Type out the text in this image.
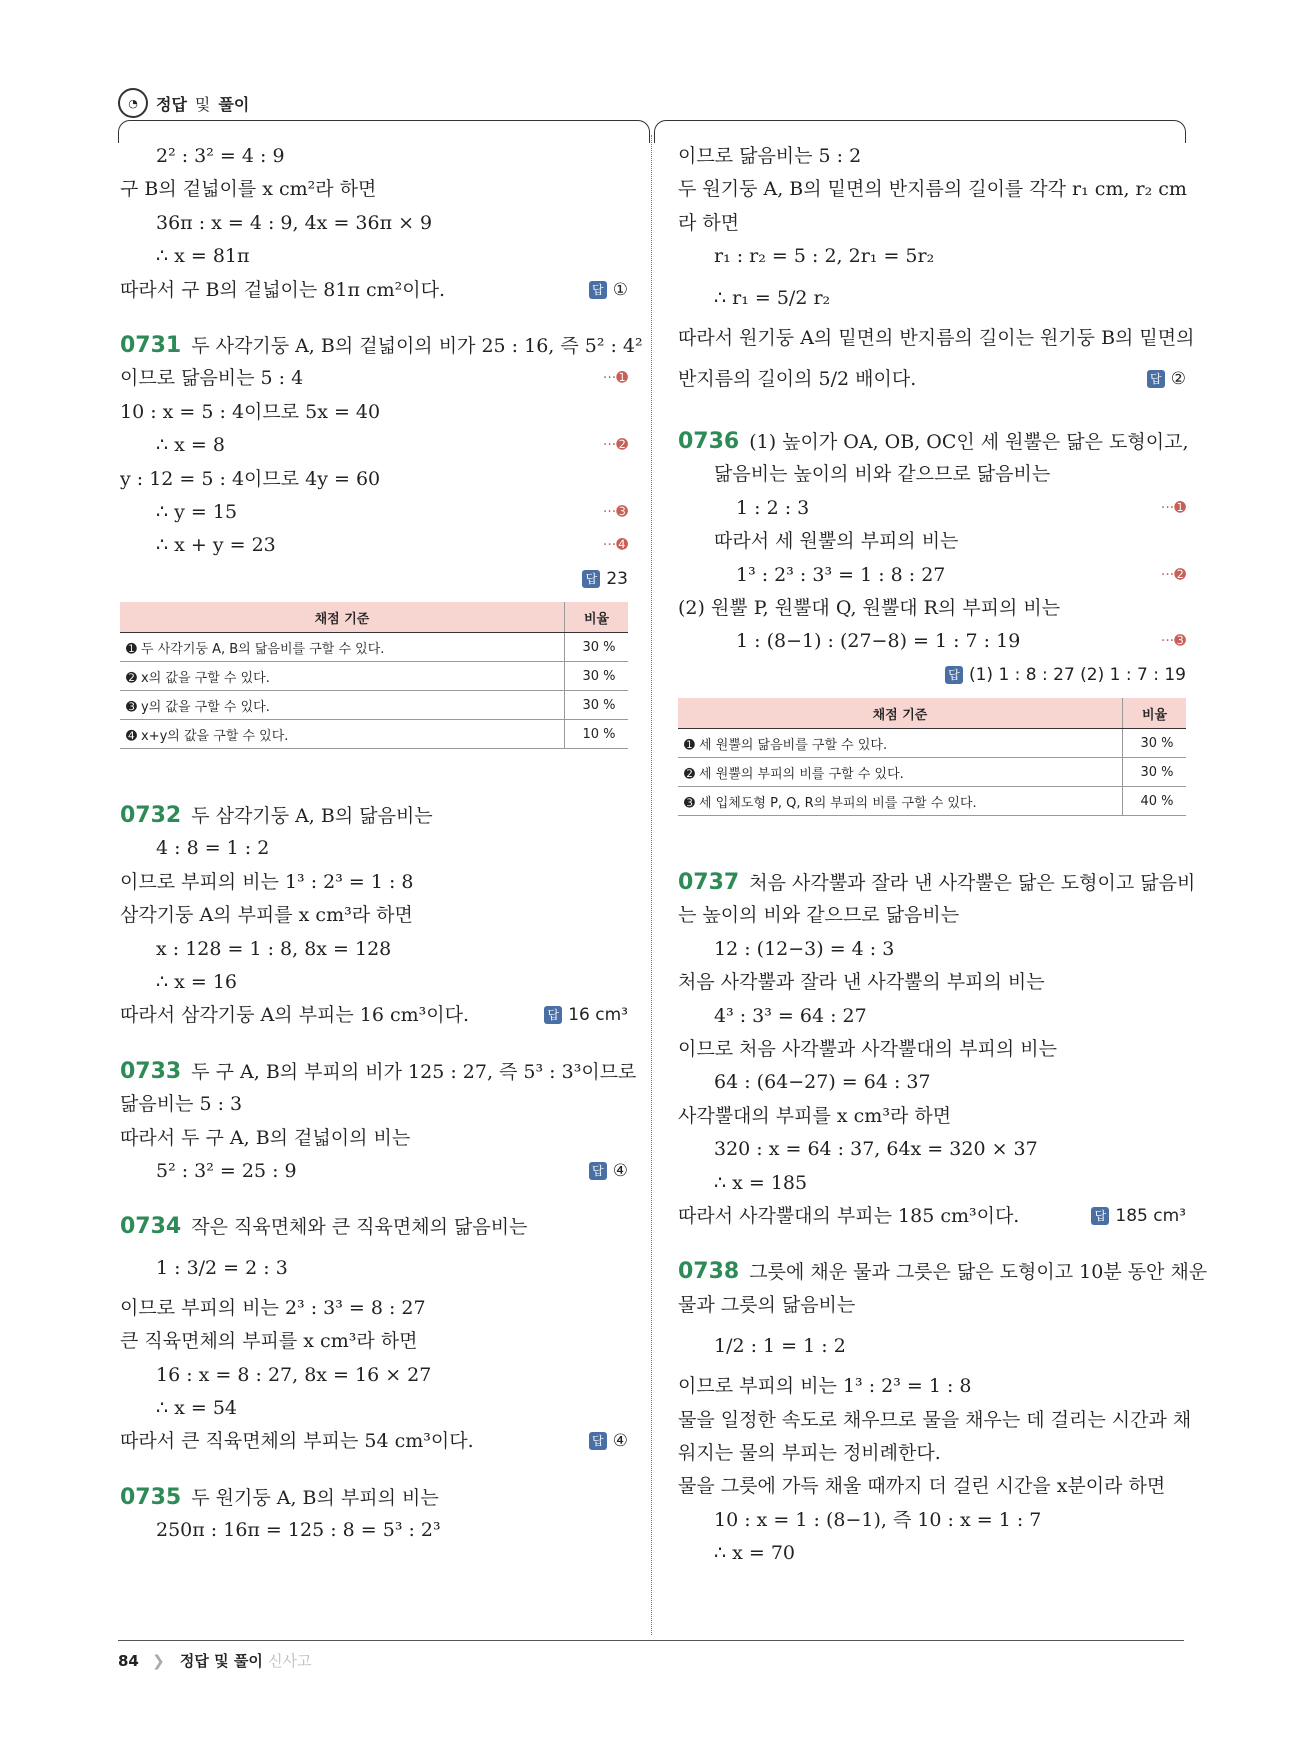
◔	정답 및 풀이
2² : 3² = 4 : 9
구 B의 겉넓이를 x cm²라 하면
36π : x = 4 : 9, 4x = 36π × 9
∴ x = 81π
따라서 구 B의 겉넓이는 81π cm²이다.	답 ①
0731 두 사각기둥 A, B의 겉넓이의 비가 25 : 16, 즉 5² : 4²
이므로 닮음비는 5 : 4	···➊
10 : x = 5 : 4이므로 5x = 40
∴ x = 8	···➋
y : 12 = 5 : 4이므로 4y = 60
∴ y = 15	···➌
∴ x + y = 23	···➍
답 23
채점 기준	비율
➊ 두 사각기둥 A, B의 닮음비를 구할 수 있다.	30 %
➋ x의 값을 구할 수 있다.	30 %
➌ y의 값을 구할 수 있다.	30 %
➍ x+y의 값을 구할 수 있다.	10 %
0732 두 삼각기둥 A, B의 닮음비는
4 : 8 = 1 : 2
이므로 부피의 비는 1³ : 2³ = 1 : 8
삼각기둥 A의 부피를 x cm³라 하면
x : 128 = 1 : 8, 8x = 128
∴ x = 16
따라서 삼각기둥 A의 부피는 16 cm³이다.	답 16 cm³
0733 두 구 A, B의 부피의 비가 125 : 27, 즉 5³ : 3³이므로
닮음비는 5 : 3
따라서 두 구 A, B의 겉넓이의 비는
5² : 3² = 25 : 9	답 ④
0734 작은 직육면체와 큰 직육면체의 닮음비는
1 : 3/2 = 2 : 3
이므로 부피의 비는 2³ : 3³ = 8 : 27
큰 직육면체의 부피를 x cm³라 하면
16 : x = 8 : 27, 8x = 16 × 27
∴ x = 54
따라서 큰 직육면체의 부피는 54 cm³이다.	답 ④
0735 두 원기둥 A, B의 부피의 비는
250π : 16π = 125 : 8 = 5³ : 2³
이므로 닮음비는 5 : 2
두 원기둥 A, B의 밑면의 반지름의 길이를 각각 r₁ cm, r₂ cm
라 하면
r₁ : r₂ = 5 : 2, 2r₁ = 5r₂
∴ r₁ = 5/2 r₂
따라서 원기둥 A의 밑면의 반지름의 길이는 원기둥 B의 밑면의
반지름의 길이의 5/2 배이다.	답 ②
0736 (1) 높이가 OA, OB, OC인 세 원뿔은 닮은 도형이고,
닮음비는 높이의 비와 같으므로 닮음비는
1 : 2 : 3	···➊
따라서 세 원뿔의 부피의 비는
1³ : 2³ : 3³ = 1 : 8 : 27	···➋
(2) 원뿔 P, 원뿔대 Q, 원뿔대 R의 부피의 비는
1 : (8−1) : (27−8) = 1 : 7 : 19	···➌
답 (1) 1 : 8 : 27 (2) 1 : 7 : 19
채점 기준	비율
➊ 세 원뿔의 닮음비를 구할 수 있다.	30 %
➋ 세 원뿔의 부피의 비를 구할 수 있다.	30 %
➌ 세 입체도형 P, Q, R의 부피의 비를 구할 수 있다.	40 %
0737 처음 사각뿔과 잘라 낸 사각뿔은 닮은 도형이고 닮음비
는 높이의 비와 같으므로 닮음비는
12 : (12−3) = 4 : 3
처음 사각뿔과 잘라 낸 사각뿔의 부피의 비는
4³ : 3³ = 64 : 27
이므로 처음 사각뿔과 사각뿔대의 부피의 비는
64 : (64−27) = 64 : 37
사각뿔대의 부피를 x cm³라 하면
320 : x = 64 : 37, 64x = 320 × 37
∴ x = 185
따라서 사각뿔대의 부피는 185 cm³이다.	답 185 cm³
0738 그릇에 채운 물과 그릇은 닮은 도형이고 10분 동안 채운
물과 그릇의 닮음비는
1/2 : 1 = 1 : 2
이므로 부피의 비는 1³ : 2³ = 1 : 8
물을 일정한 속도로 채우므로 물을 채우는 데 걸리는 시간과 채
워지는 물의 부피는 정비례한다.
물을 그릇에 가득 채울 때까지 더 걸린 시간을 x분이라 하면
10 : x = 1 : (8−1), 즉 10 : x = 1 : 7
∴ x = 70
84 ❯ 정답 및 풀이 신사고
